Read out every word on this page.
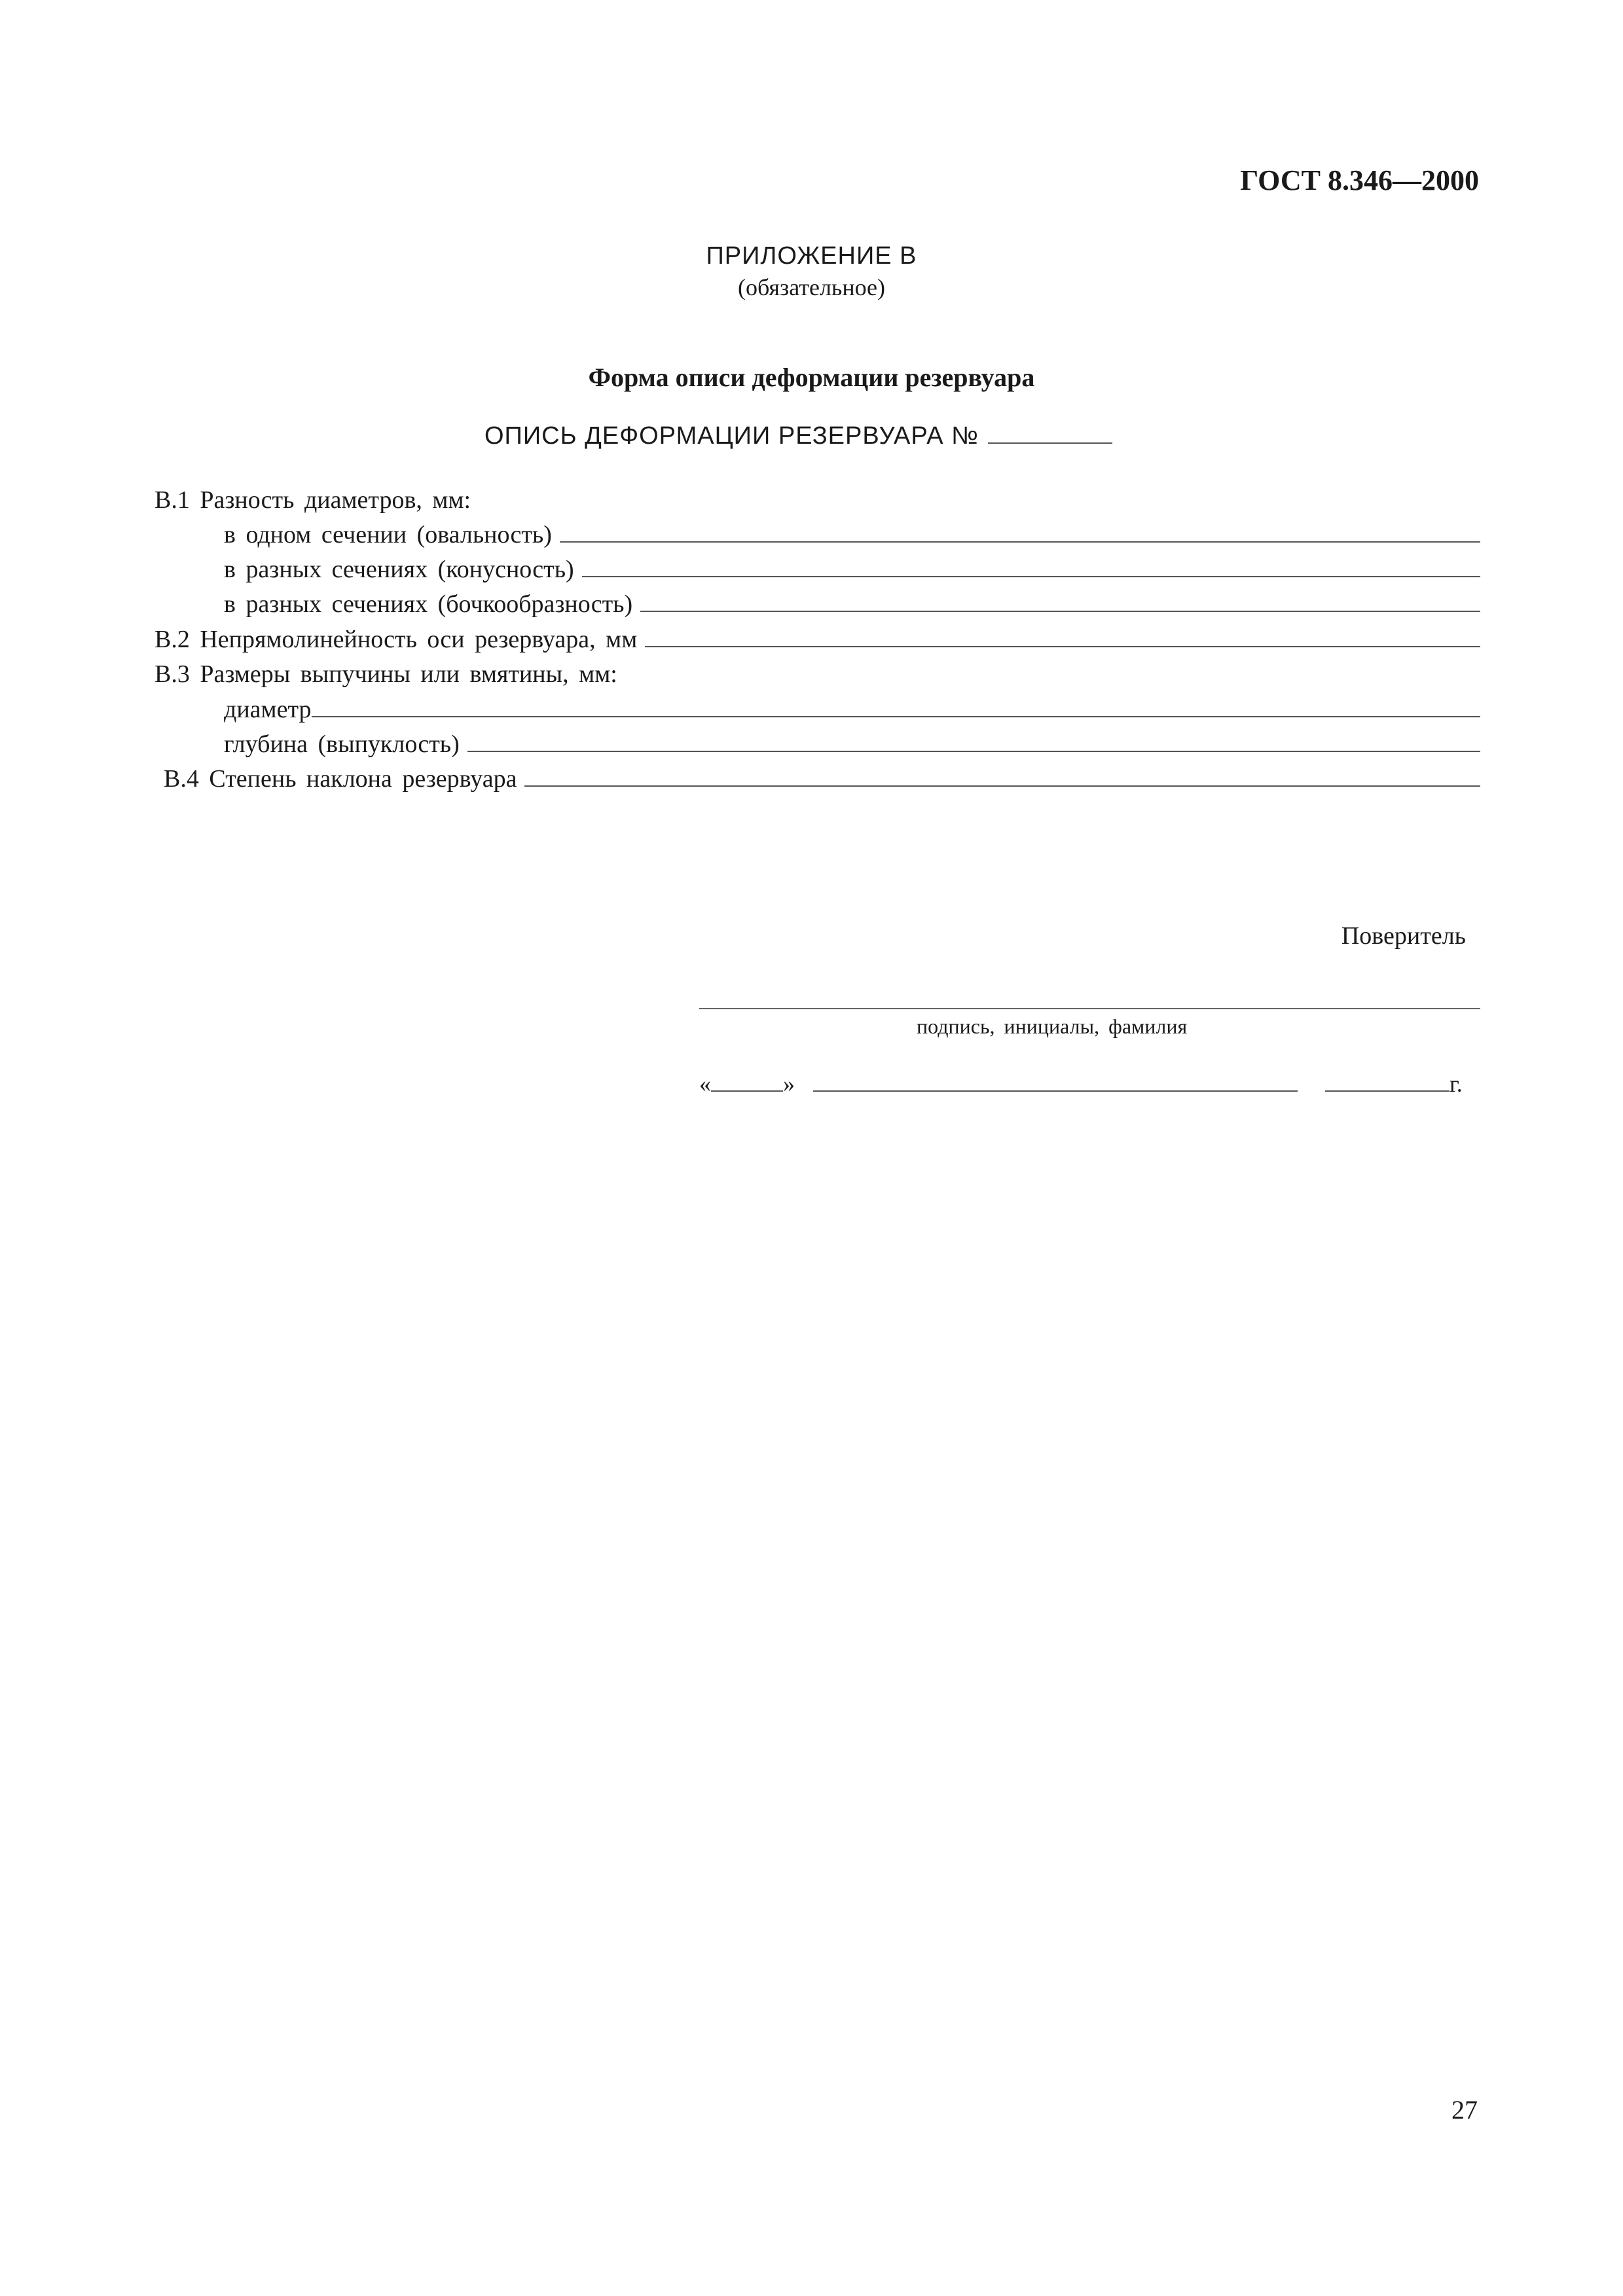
ГОСТ 8.346—2000
ПРИЛОЖЕНИЕ В
(обязательное)
Форма описи деформации резервуара
ОПИСЬ ДЕФОРМАЦИИ РЕЗЕРВУАРА №
В.1 Разность диаметров, мм:
в одном сечении (овальность)
в разных сечениях (конусность)
в разных сечениях (бочкообразность)
В.2 Непрямолинейность оси резервуара, мм
В.3 Размеры выпучины или вмятины, мм:
диаметр
глубина (выпуклость)
В.4 Степень наклона резервуара
Поверитель
подпись, инициалы, фамилия
«	»	г.
27
